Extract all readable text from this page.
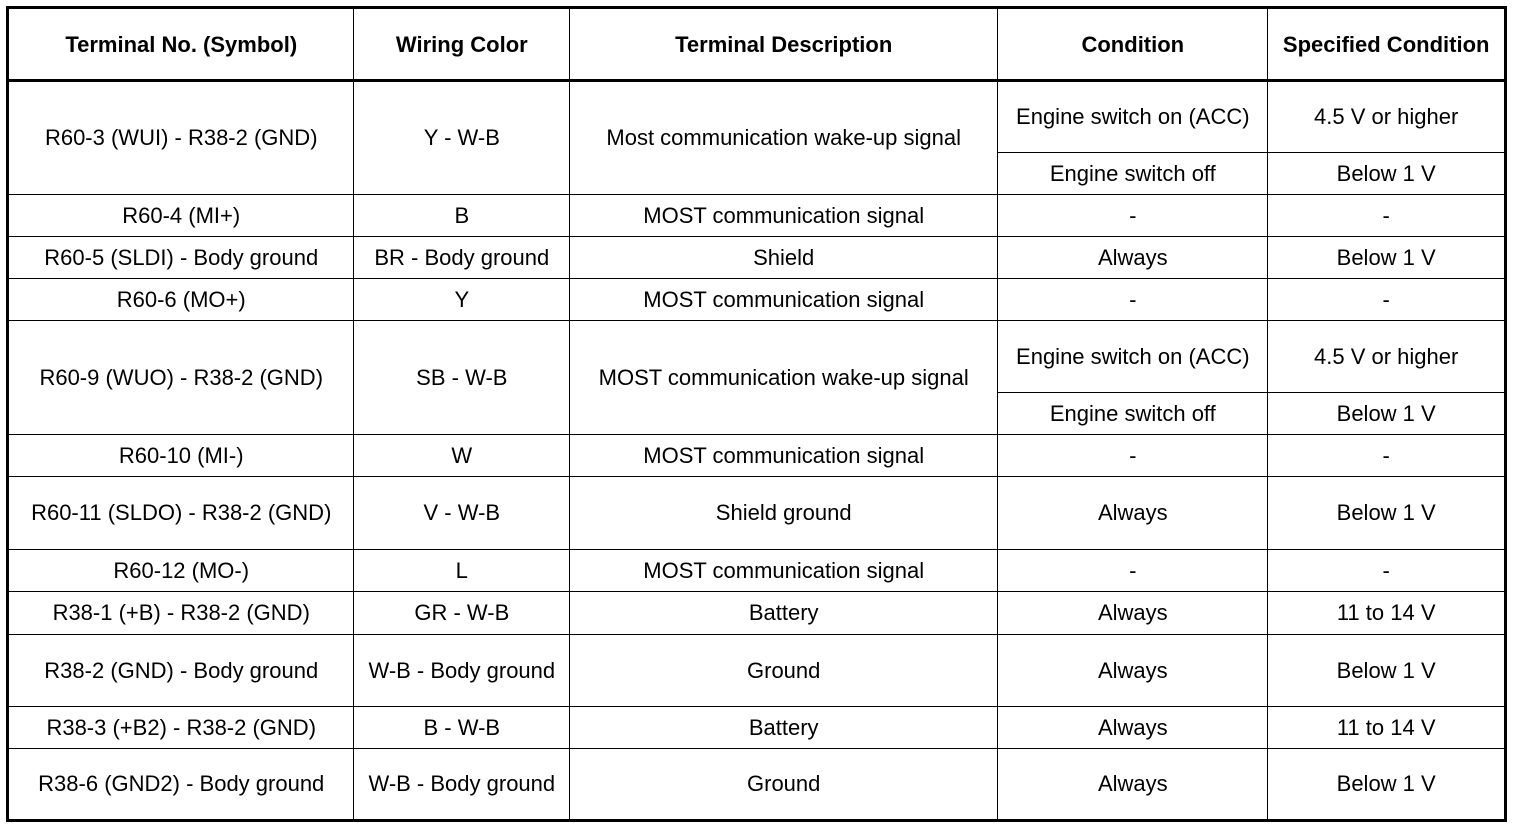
Terminal No. (Symbol)	Wiring Color	Terminal Description	Condition	Specified Condition
R60-3 (WUI) - R38-2 (GND)	Y - W-B	Most communication wake-up signal	Engine switch on (ACC)	4.5 V or higher
			Engine switch off	Below 1 V
R60-4 (MI+)	B	MOST communication signal	-	-
R60-5 (SLDI) - Body ground	BR - Body ground	Shield	Always	Below 1 V
R60-6 (MO+)	Y	MOST communication signal	-	-
R60-9 (WUO) - R38-2 (GND)	SB - W-B	MOST communication wake-up signal	Engine switch on (ACC)	4.5 V or higher
			Engine switch off	Below 1 V
R60-10 (MI-)	W	MOST communication signal	-	-
R60-11 (SLDO) - R38-2 (GND)	V - W-B	Shield ground	Always	Below 1 V
R60-12 (MO-)	L	MOST communication signal	-	-
R38-1 (+B) - R38-2 (GND)	GR - W-B	Battery	Always	11 to 14 V
R38-2 (GND) - Body ground	W-B - Body ground	Ground	Always	Below 1 V
R38-3 (+B2) - R38-2 (GND)	B - W-B	Battery	Always	11 to 14 V
R38-6 (GND2) - Body ground	W-B - Body ground	Ground	Always	Below 1 V
